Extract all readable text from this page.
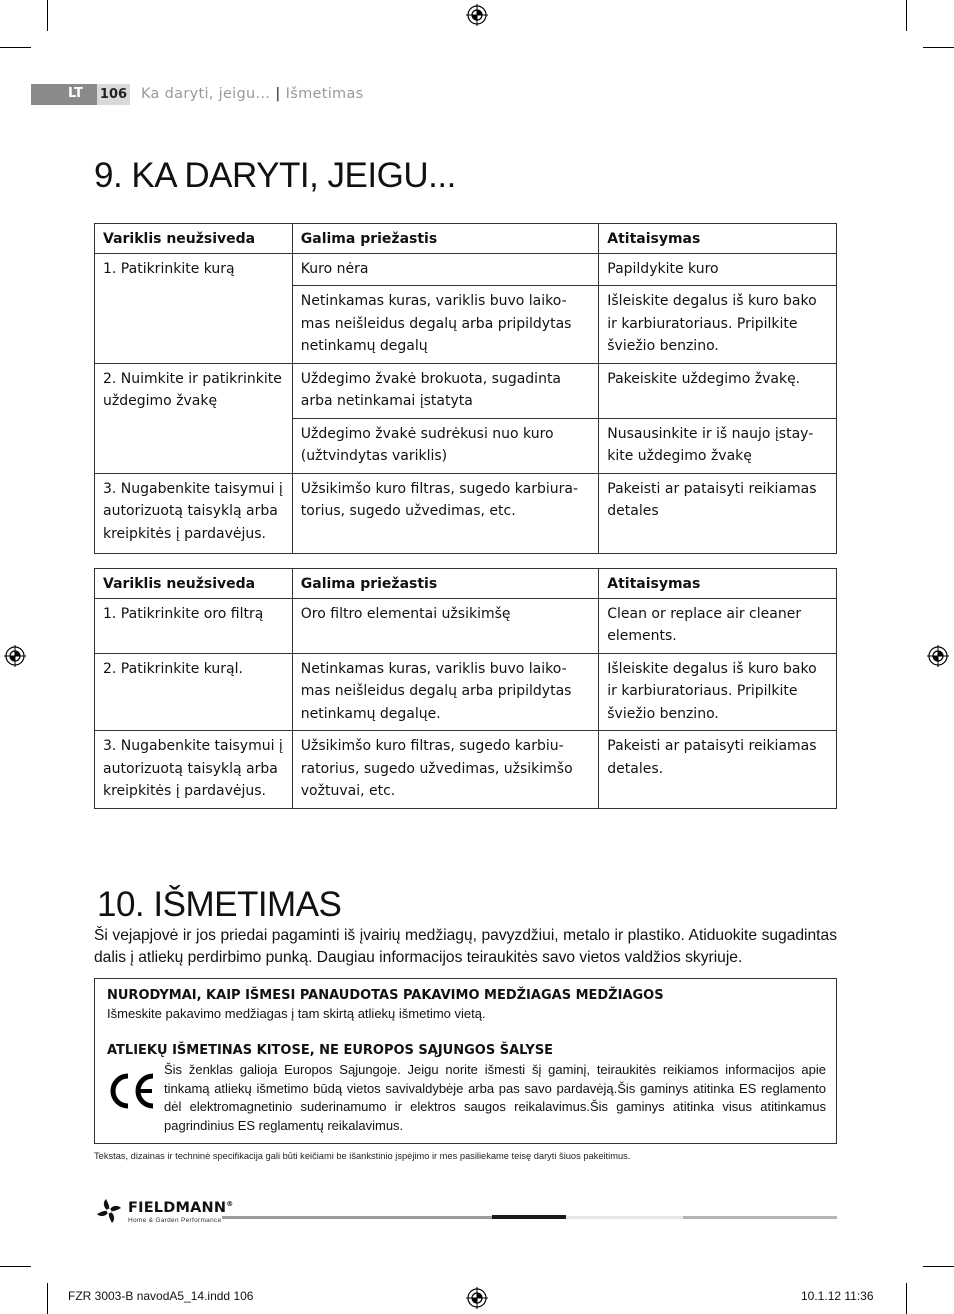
LT 106 Ka daryti, jeigu... | Išmetimas
9. KA DARYTI, JEIGU...
Variklis neužsiveda	Galima priežastis	Atitaisymas
1. Patikrinkite kurą	Kuro nėra	Papildykite kuro
	Netinkamas kuras, variklis buvo laiko-mas neišleidus degalų arba pripildytas netinkamų degalų	Išleiskite degalus iš kuro bako ir karbiuratoriaus. Pripilkite šviežio benzino.
2. Nuimkite ir patikrinkite uždegimo žvakę	Uždegimo žvakė brokuota, sugadinta arba netinkamai įstatyta	Pakeiskite uždegimo žvakę.
	Uždegimo žvakė sudrėkusi nuo kuro (užtvindytas variklis)	Nusausinkite ir iš naujo įstay-kite uždegimo žvakę
3. Nugabenkite taisymui į autorizuotą taisyklą arba kreipkitės į pardavėjus.	Užsikimšo kuro filtras, sugedo karbiura-torius, sugedo užvedimas, etc.	Pakeisti ar pataisyti reikiamas detales
Variklis neužsiveda	Galima priežastis	Atitaisymas
1. Patikrinkite oro filtrą	Oro filtro elementai užsikimšę	Clean or replace air cleaner elements.
2. Patikrinkite kurąl.	Netinkamas kuras, variklis buvo laiko-mas neišleidus degalų arba pripildytas netinkamų degalųe.	Išleiskite degalus iš kuro bako ir karbiuratoriaus. Pripilkite šviežio benzino.
3. Nugabenkite taisymui į autorizuotą taisyklą arba kreipkitės į pardavėjus.	Užsikimšo kuro filtras, sugedo karbiu-ratorius, sugedo užvedimas, užsikimšo vožtuvai, etc.	Pakeisti ar pataisyti reikiamas detales.
10. IŠMETIMAS
Ši vejapjovė ir jos priedai pagaminti iš įvairių medžiagų, pavyzdžiui, metalo ir plastiko. Atiduokite sugadintas dalis į atliekų perdirbimo punką. Daugiau informacijos teiraukitės savo vietos valdžios skyriuje.
NURODYMAI, KAIP IŠMESI PANAUDOTAS PAKAVIMO MEDŽIAGAS MEDŽIAGOS
Išmeskite pakavimo medžiagas į tam skirtą atliekų išmetimo vietą.
ATLIEKŲ IŠMETINAS KITOSE, NE EUROPOS SĄJUNGOS ŠALYSE
Šis ženklas galioja Europos Sąjungoje. Jeigu norite išmesti šį gaminį, teiraukitės reikiamos informacijos apie tinkamą atliekų išmetimo būdą vietos savivaldybėje arba pas savo pardavėją.Šis gaminys atitinka ES reglamento dėl elektromagnetinio suderinamumo ir elektros saugos reikalavimus.Šis gaminys atitinka visus atitinkamus pagrindinius ES reglamentų reikalavimus.
Tekstas, dizainas ir techninė specifikacija gali būti keičiami be išankstinio įspėjimo ir mes pasiliekame teisę daryti šiuos pakeitimus.
FIELDMANN®
Home & Garden Performance
FZR 3003-B navodA5_14.indd 106	10.1.12 11:36
